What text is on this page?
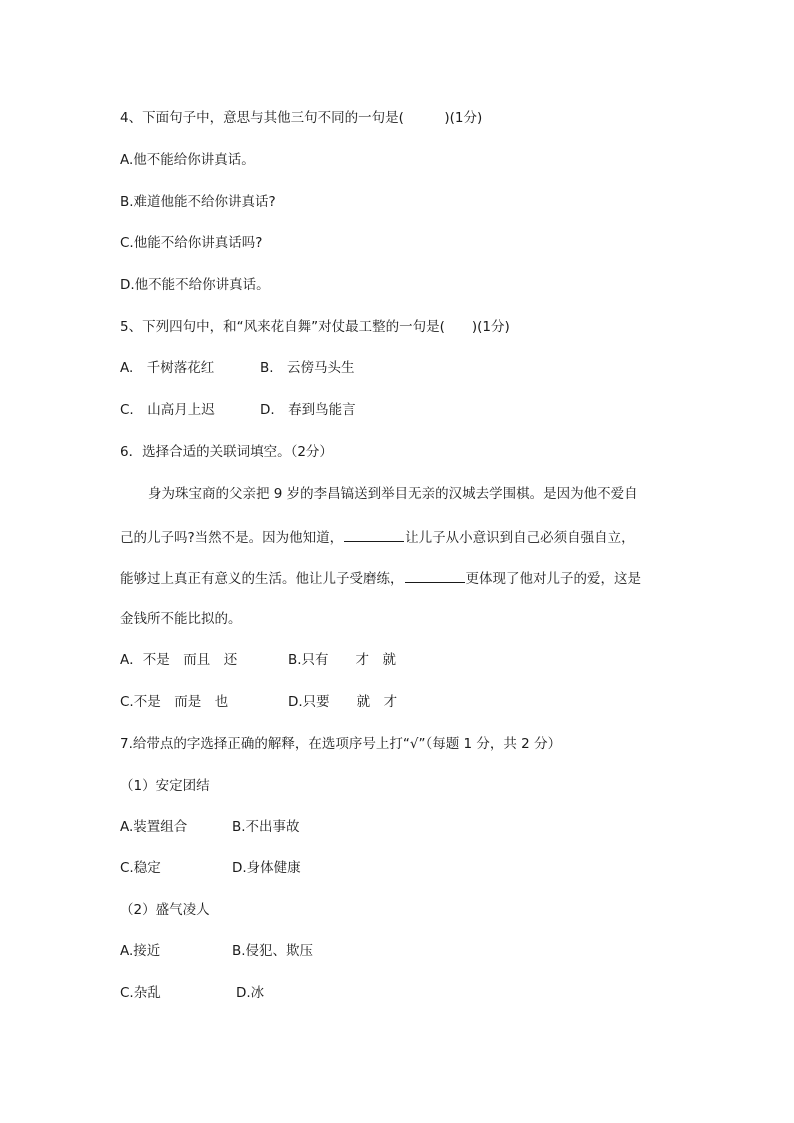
4、下面句子中，意思与其他三句不同的一句是(　　　)(1分)
A.他不能给你讲真话。
B.难道他能不给你讲真话?
C.他能不给你讲真话吗?
D.他不能不给你讲真话。
5、下列四句中，和“风来花自舞”对仗最工整的一句是(　　)(1分)
A.　千树落花红	B.　云傍马头生
C.　山高月上迟	D.　春到鸟能言
6．选择合适的关联词填空。（2分）
身为珠宝商的父亲把 9 岁的李昌镐送到举目无亲的汉城去学围棋。是因为他不爱自
己的儿子吗?当然不是。因为他知道，	让儿子从小意识到自己必须自强自立，
能够过上真正有意义的生活。他让儿子受磨练，	更体现了他对儿子的爱，这是
金钱所不能比拟的。
A．不是　而且　还	B.只有　　才　就
C.不是　而是　也	D.只要　　就　才
7.给带点的字选择正确的解释，在选项序号上打“√”（每题 1 分，共 2 分）
（1）安定团结
A.装置组合	B.不出事故
C.稳定	D.身体健康
（2）盛气凌人
A.接近	B.侵犯、欺压
C.杂乱	D.冰
